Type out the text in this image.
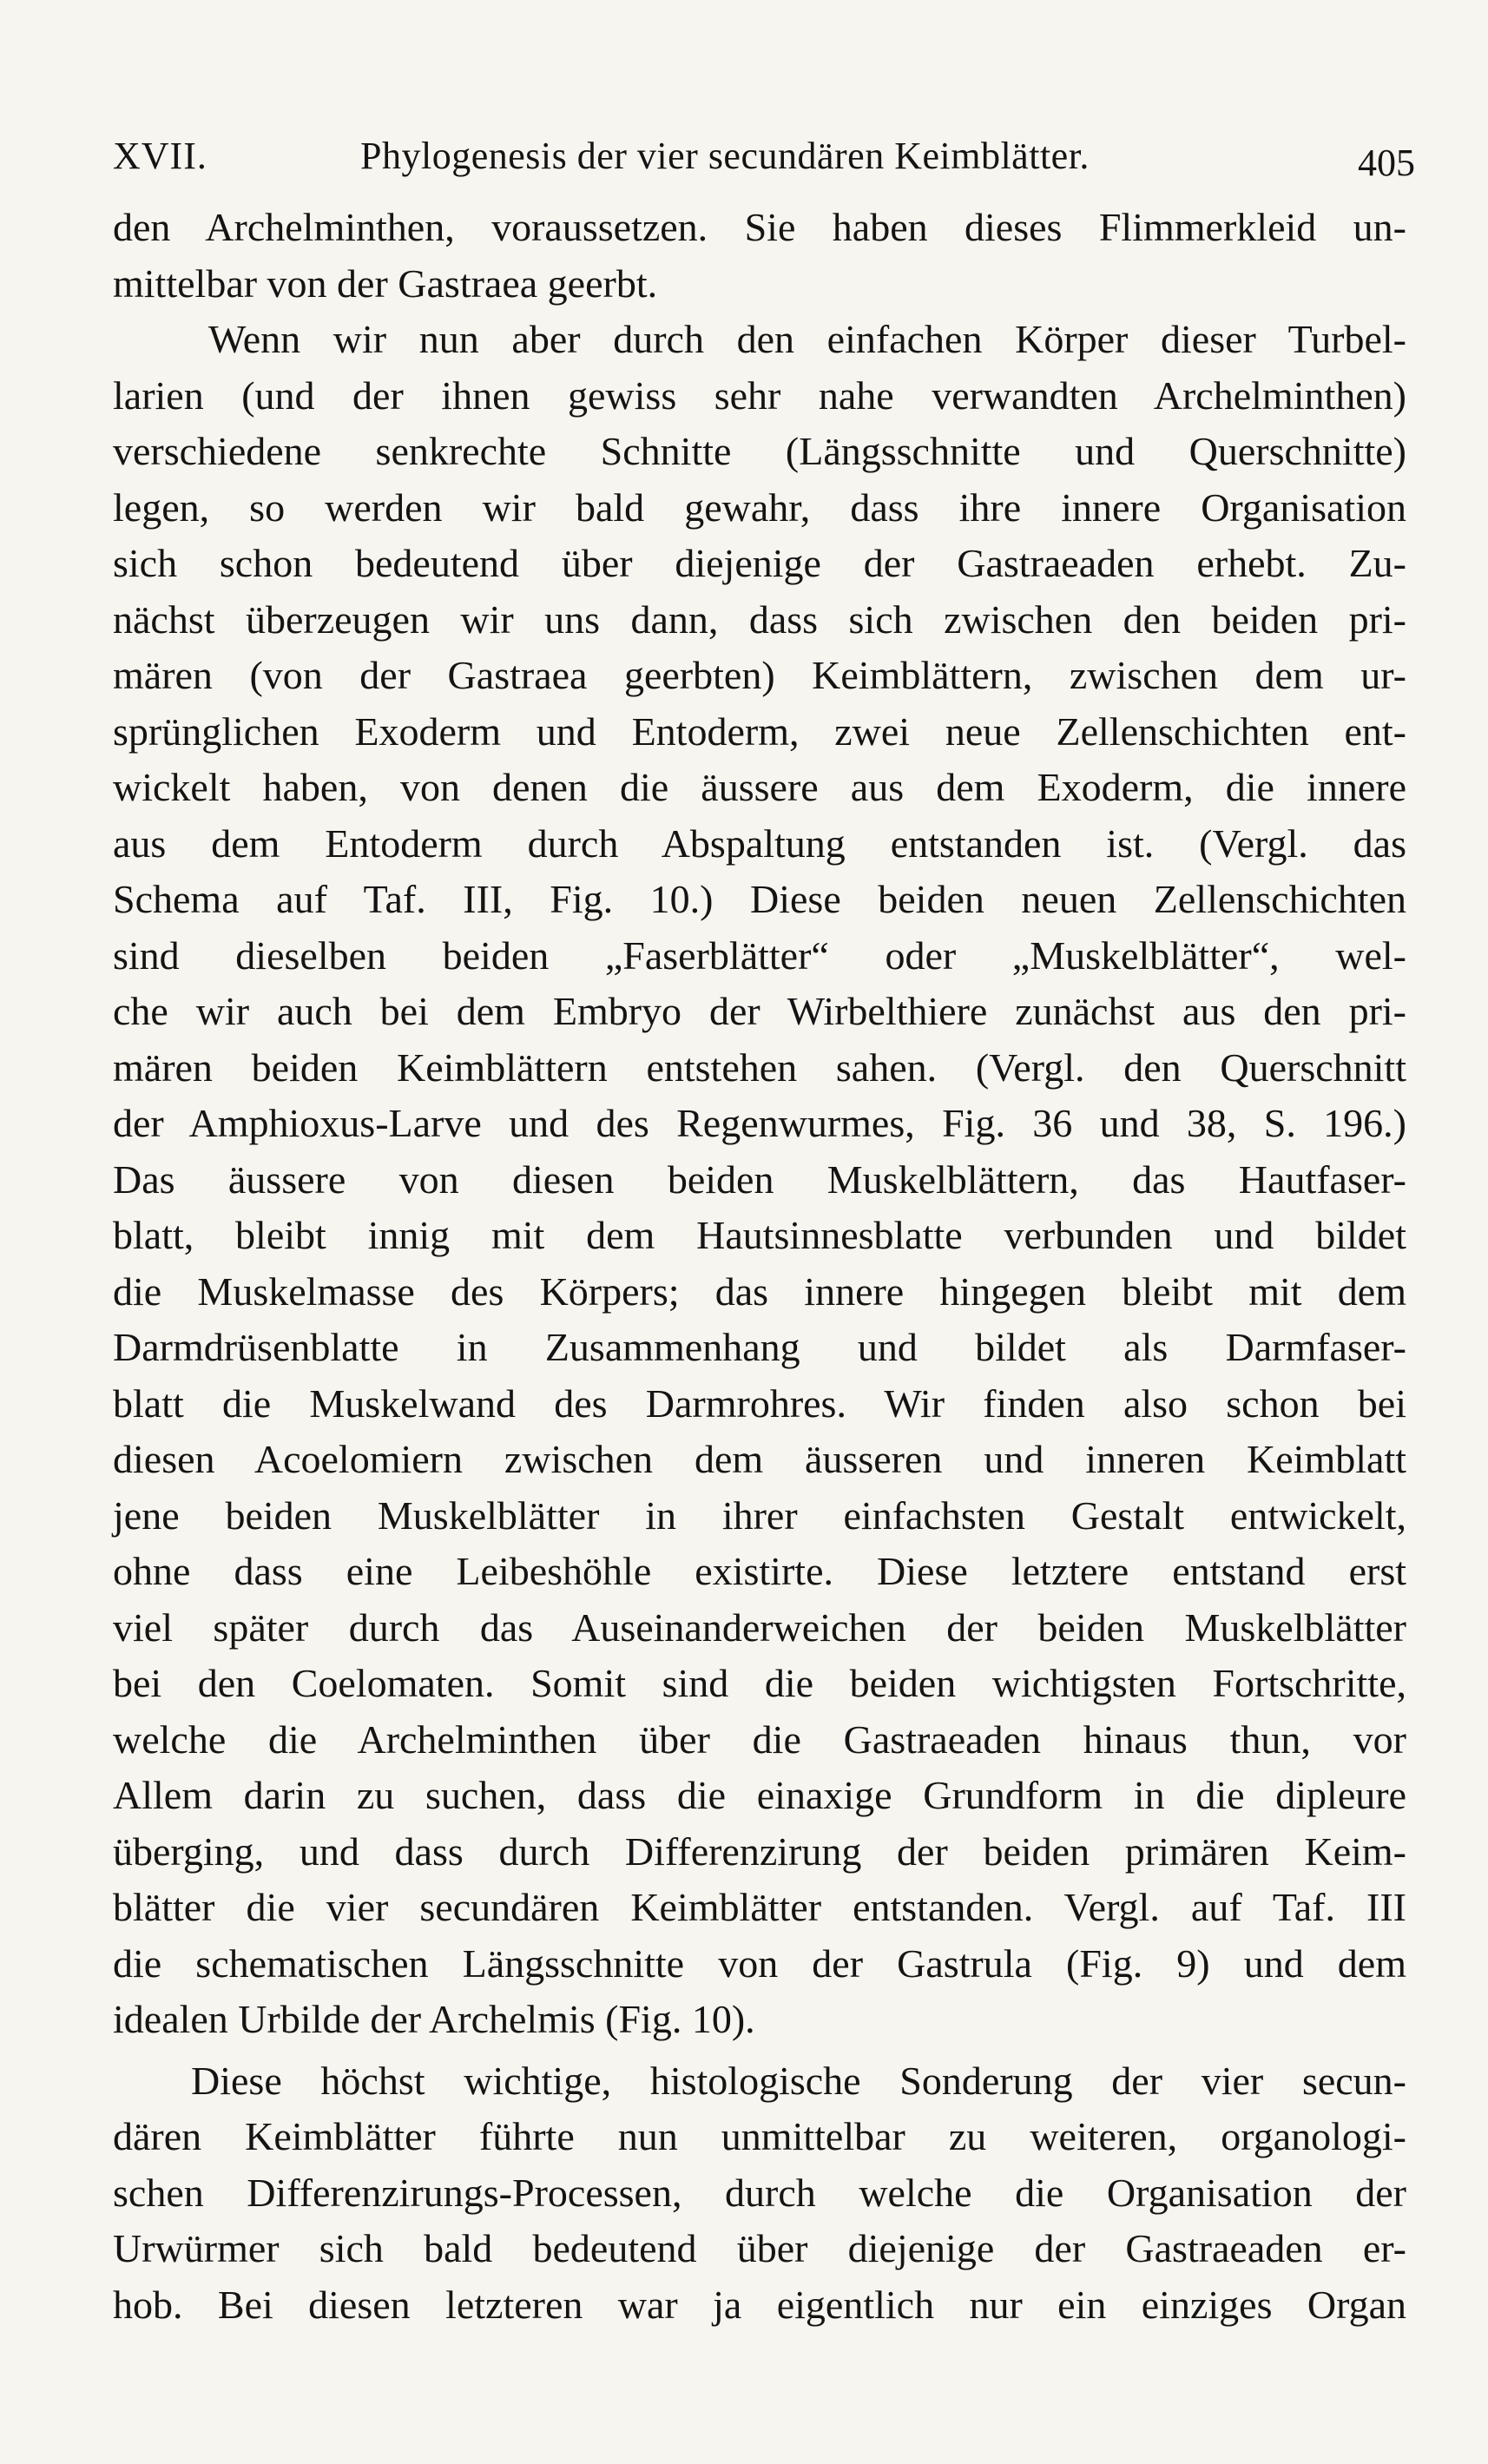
XVII.	Phylogenesis der vier secundären Keimblätter.	405
den Archelminthen, voraussetzen. Sie haben dieses Flimmerkleid un-
mittelbar von der Gastraea geerbt.
Wenn wir nun aber durch den einfachen Körper dieser Turbel-
larien (und der ihnen gewiss sehr nahe verwandten Archelminthen)
verschiedene senkrechte Schnitte (Längsschnitte und Querschnitte)
legen, so werden wir bald gewahr, dass ihre innere Organisation
sich schon bedeutend über diejenige der Gastraeaden erhebt. Zu-
nächst überzeugen wir uns dann, dass sich zwischen den beiden pri-
mären (von der Gastraea geerbten) Keimblättern, zwischen dem ur-
sprünglichen Exoderm und Entoderm, zwei neue Zellenschichten ent-
wickelt haben, von denen die äussere aus dem Exoderm, die innere
aus dem Entoderm durch Abspaltung entstanden ist. (Vergl. das
Schema auf Taf. III, Fig. 10.) Diese beiden neuen Zellenschichten
sind dieselben beiden „Faserblätter“ oder „Muskelblätter“, wel-
che wir auch bei dem Embryo der Wirbelthiere zunächst aus den pri-
mären beiden Keimblättern entstehen sahen. (Vergl. den Querschnitt
der Amphioxus-Larve und des Regenwurmes, Fig. 36 und 38, S. 196.)
Das äussere von diesen beiden Muskelblättern, das Hautfaser-
blatt, bleibt innig mit dem Hautsinnesblatte verbunden und bildet
die Muskelmasse des Körpers; das innere hingegen bleibt mit dem
Darmdrüsenblatte in Zusammenhang und bildet als Darmfaser-
blatt die Muskelwand des Darmrohres. Wir finden also schon bei
diesen Acoelomiern zwischen dem äusseren und inneren Keimblatt
jene beiden Muskelblätter in ihrer einfachsten Gestalt entwickelt,
ohne dass eine Leibeshöhle existirte. Diese letztere entstand erst
viel später durch das Auseinanderweichen der beiden Muskelblätter
bei den Coelomaten. Somit sind die beiden wichtigsten Fortschritte,
welche die Archelminthen über die Gastraeaden hinaus thun, vor
Allem darin zu suchen, dass die einaxige Grundform in die dipleure
überging, und dass durch Differenzirung der beiden primären Keim-
blätter die vier secundären Keimblätter entstanden. Vergl. auf Taf. III
die schematischen Längsschnitte von der Gastrula (Fig. 9) und dem
idealen Urbilde der Archelmis (Fig. 10).
Diese höchst wichtige, histologische Sonderung der vier secun-
dären Keimblätter führte nun unmittelbar zu weiteren, organologi-
schen Differenzirungs-Processen, durch welche die Organisation der
Urwürmer sich bald bedeutend über diejenige der Gastraeaden er-
hob. Bei diesen letzteren war ja eigentlich nur ein einziges Organ
